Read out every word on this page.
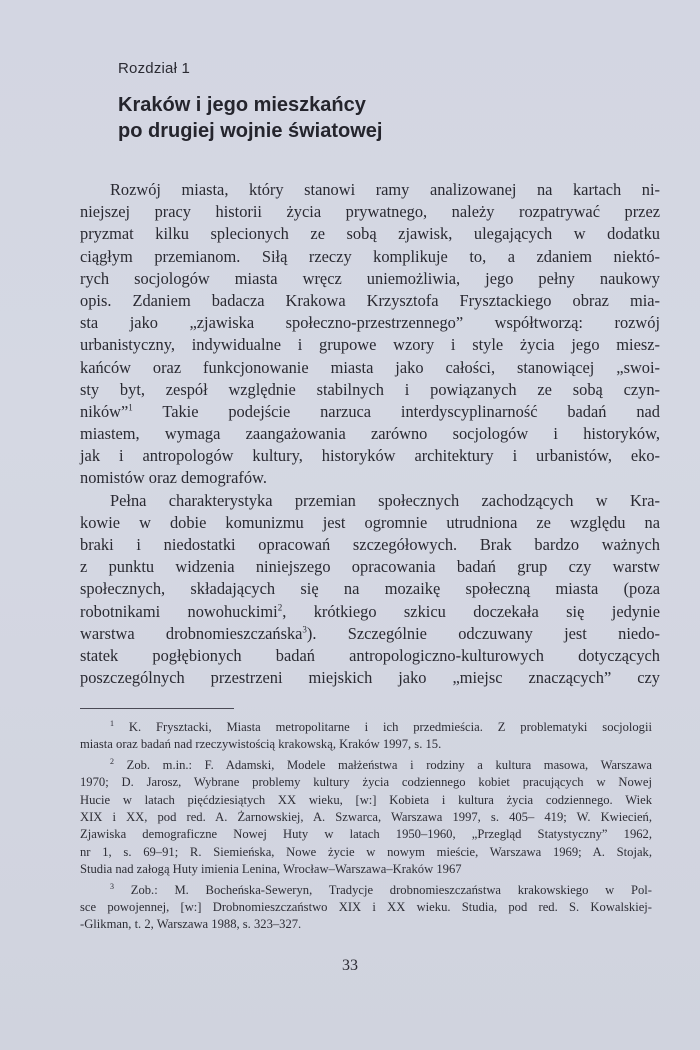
Rozdział 1
Kraków i jego mieszkańcy
po drugiej wojnie światowej
Rozwój miasta, który stanowi ramy analizowanej na kartach ni-
niejszej pracy historii życia prywatnego, należy rozpatrywać przez
pryzmat kilku splecionych ze sobą zjawisk, ulegających w dodatku
ciągłym przemianom. Siłą rzeczy komplikuje to, a zdaniem niektó-
rych socjologów miasta wręcz uniemożliwia, jego pełny naukowy
opis. Zdaniem badacza Krakowa Krzysztofa Frysztackiego obraz mia-
sta jako „zjawiska społeczno-przestrzennego” współtworzą: rozwój
urbanistyczny, indywidualne i grupowe wzory i style życia jego miesz-
kańców oraz funkcjonowanie miasta jako całości, stanowiącej „swoi-
sty byt, zespół względnie stabilnych i powiązanych ze sobą czyn-
ników”$^1$ Takie podejście narzuca interdyscyplinarność badań nad
miastem, wymaga zaangażowania zarówno socjologów i historyków,
jak i antropologów kultury, historyków architektury i urbanistów, eko-
nomistów oraz demografów.
Pełna charakterystyka przemian społecznych zachodzących w Kra-
kowie w dobie komunizmu jest ogromnie utrudniona ze względu na
braki i niedostatki opracowań szczegółowych. Brak bardzo ważnych
z punktu widzenia niniejszego opracowania badań grup czy warstw
społecznych, składających się na mozaikę społeczną miasta (poza
robotnikami nowohuckimi$^2$, krótkiego szkicu doczekała się jedynie
warstwa drobnomieszczańska$^3$). Szczególnie odczuwany jest niedo-
statek pogłębionych badań antropologiczno-kulturowych dotyczących
poszczególnych przestrzeni miejskich jako „miejsc znaczących” czy
$^1$ K. Frysztacki, Miasta metropolitarne i ich przedmieścia. Z problematyki socjologii
miasta oraz badań nad rzeczywistością krakowską, Kraków 1997, s. 15.
$^2$ Zob. m.in.: F. Adamski, Modele małżeństwa i rodziny a kultura masowa, Warszawa
1970; D. Jarosz, Wybrane problemy kultury życia codziennego kobiet pracujących w Nowej
Hucie w latach pięćdziesiątych XX wieku, [w:] Kobieta i kultura życia codziennego. Wiek
XIX i XX, pod red. A. Żarnowskiej, A. Szwarca, Warszawa 1997, s. 405– 419; W. Kwiecień,
Zjawiska demograficzne Nowej Huty w latach 1950–1960, „Przegląd Statystyczny” 1962,
nr 1, s. 69–91; R. Siemieńska, Nowe życie w nowym mieście, Warszawa 1969; A. Stojak,
Studia nad załogą Huty imienia Lenina, Wrocław–Warszawa–Kraków 1967
$^3$ Zob.: M. Bocheńska-Seweryn, Tradycje drobnomieszczaństwa krakowskiego w Pol-
sce powojennej, [w:] Drobnomieszczaństwo XIX i XX wieku. Studia, pod red. S. Kowalskiej-
-Glikman, t. 2, Warszawa 1988, s. 323–327.
33
